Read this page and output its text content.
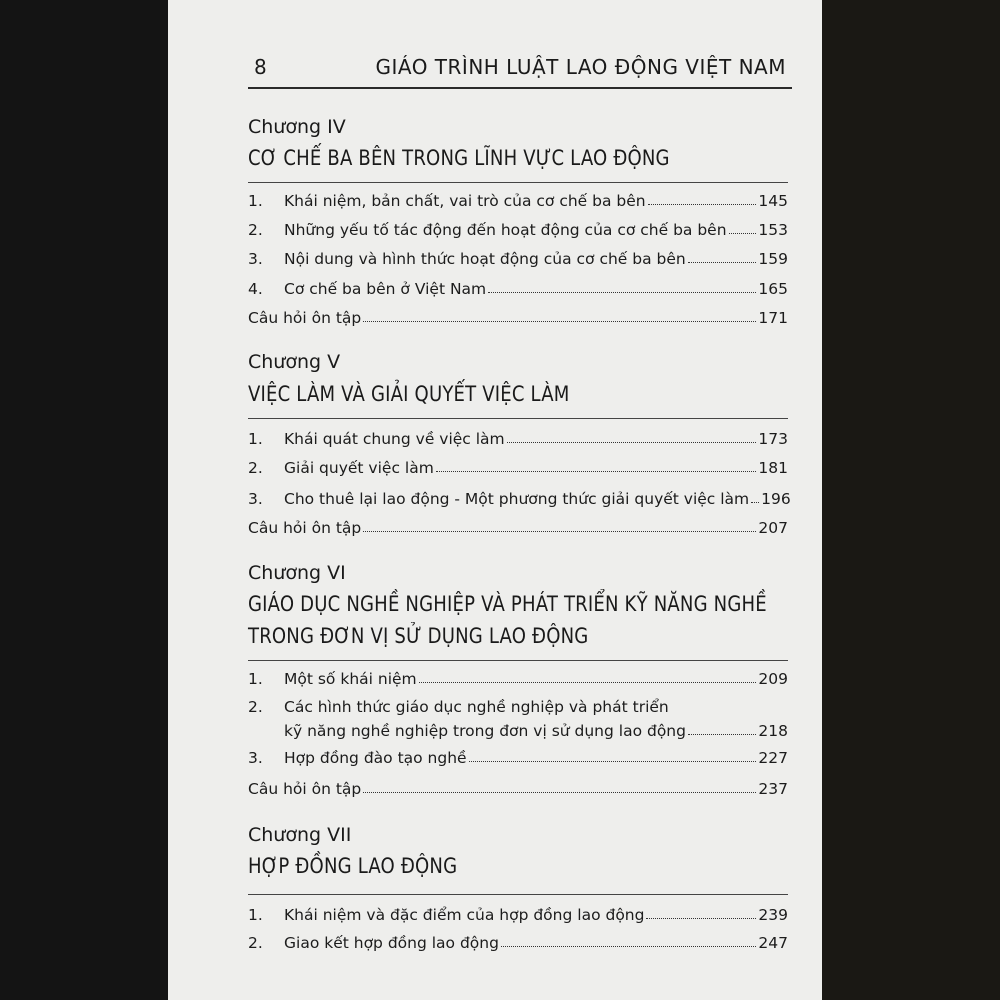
8	GIÁO TRÌNH LUẬT LAO ĐỘNG VIỆT NAM
Chương IV
CƠ CHẾ BA BÊN TRONG LĨNH VỰC LAO ĐỘNG
1.	Khái niệm, bản chất, vai trò của cơ chế ba bên	145
2.	Những yếu tố tác động đến hoạt động của cơ chế ba bên 153
3.	Nội dung và hình thức hoạt động của cơ chế ba bên	159
4.	Cơ chế ba bên ở Việt Nam	165
Câu hỏi ôn tập	171
Chương V
VIỆC LÀM VÀ GIẢI QUYẾT VIỆC LÀM
1.	Khái quát chung về việc làm	173
2.	Giải quyết việc làm	181
3.	Cho thuê lại lao động - Một phương thức giải quyết việc làm 196
Câu hỏi ôn tập	207
Chương VI
GIÁO DỤC NGHỀ NGHIỆP VÀ PHÁT TRIỂN KỸ NĂNG NGHỀ
TRONG ĐƠN VỊ SỬ DỤNG LAO ĐỘNG
1.	Một số khái niệm	209
2. Các hình thức giáo dục nghề nghiệp và phát triển
kỹ năng nghề nghiệp trong đơn vị sử dụng lao động	218
3.	Hợp đồng đào tạo nghề	227
Câu hỏi ôn tập	237
Chương VII
HỢP ĐỒNG LAO ĐỘNG
1.	Khái niệm và đặc điểm của hợp đồng lao động	239
2.	Giao kết hợp đồng lao động	247
